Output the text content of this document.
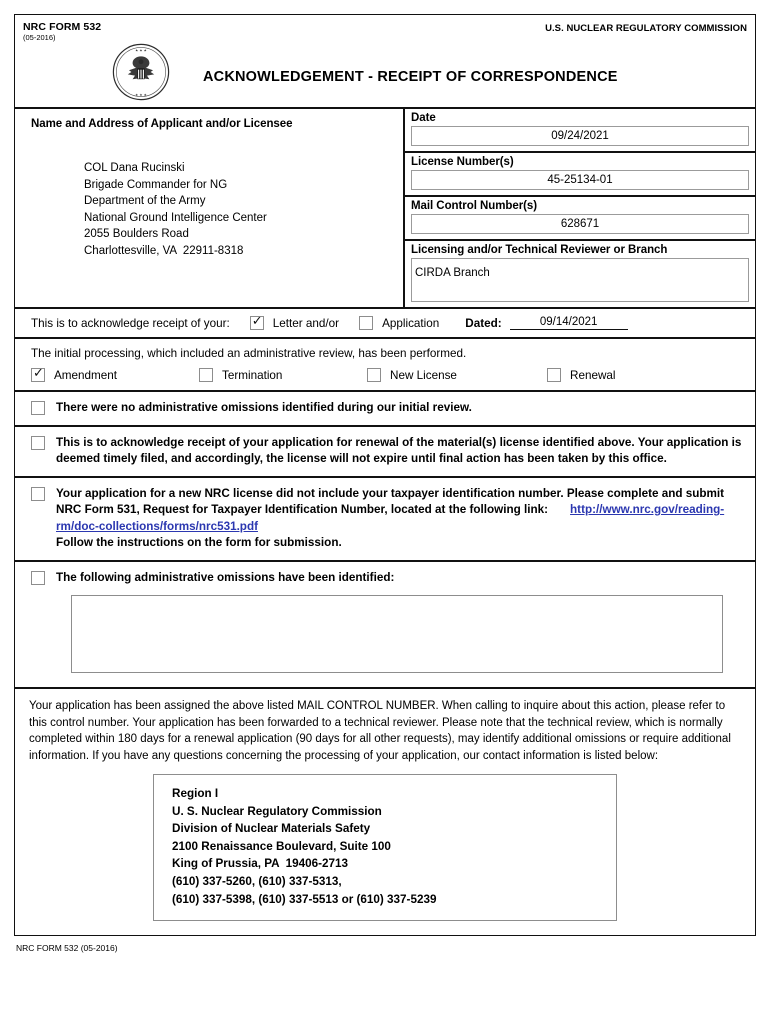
NRC FORM 532
(05-2016)
U.S. NUCLEAR REGULATORY COMMISSION
★ ★ ★
★ ★ ★
ACKNOWLEDGEMENT - RECEIPT OF CORRESPONDENCE
Name and Address of Applicant and/or Licensee
COL Dana Rucinski
Brigade Commander for NG
Department of the Army
National Ground Intelligence Center
2055 Boulders Road
Charlottesville, VA  22911-8318
Date
09/24/2021
License Number(s)
45-25134-01
Mail Control Number(s)
628671
Licensing and/or Technical Reviewer or Branch
CIRDA Branch
This is to acknowledge receipt of your: ✓	Letter and/or	Application Dated:	09/14/2021
The initial processing, which included an administrative review, has been performed.
✓
Amendment	Termination	New License	Renewal
There were no administrative omissions identified during our initial review.
This is to acknowledge receipt of your application for renewal of the material(s) license identified above. Your application is deemed timely filed, and accordingly, the license will not expire until final action has been taken by this office.
Your application for a new NRC license did not include your taxpayer identification number. Please complete and submit NRC Form 531, Request for Taxpayer Identification Number, located at the following link: http://www.nrc.gov/reading-rm/doc-collections/forms/nrc531.pdf
Follow the instructions on the form for submission.
The following administrative omissions have been identified:
Your application has been assigned the above listed MAIL CONTROL NUMBER. When calling to inquire about this action, please refer to this control number. Your application has been forwarded to a technical reviewer. Please note that the technical review, which is normally completed within 180 days for a renewal application (90 days for all other requests), may identify additional omissions or require additional information. If you have any questions concerning the processing of your application, our contact information is listed below:
Region I
U. S. Nuclear Regulatory Commission
Division of Nuclear Materials Safety
2100 Renaissance Boulevard, Suite 100
King of Prussia, PA  19406-2713
(610) 337-5260, (610) 337-5313,
(610) 337-5398, (610) 337-5513 or (610) 337-5239
NRC FORM 532 (05-2016)
